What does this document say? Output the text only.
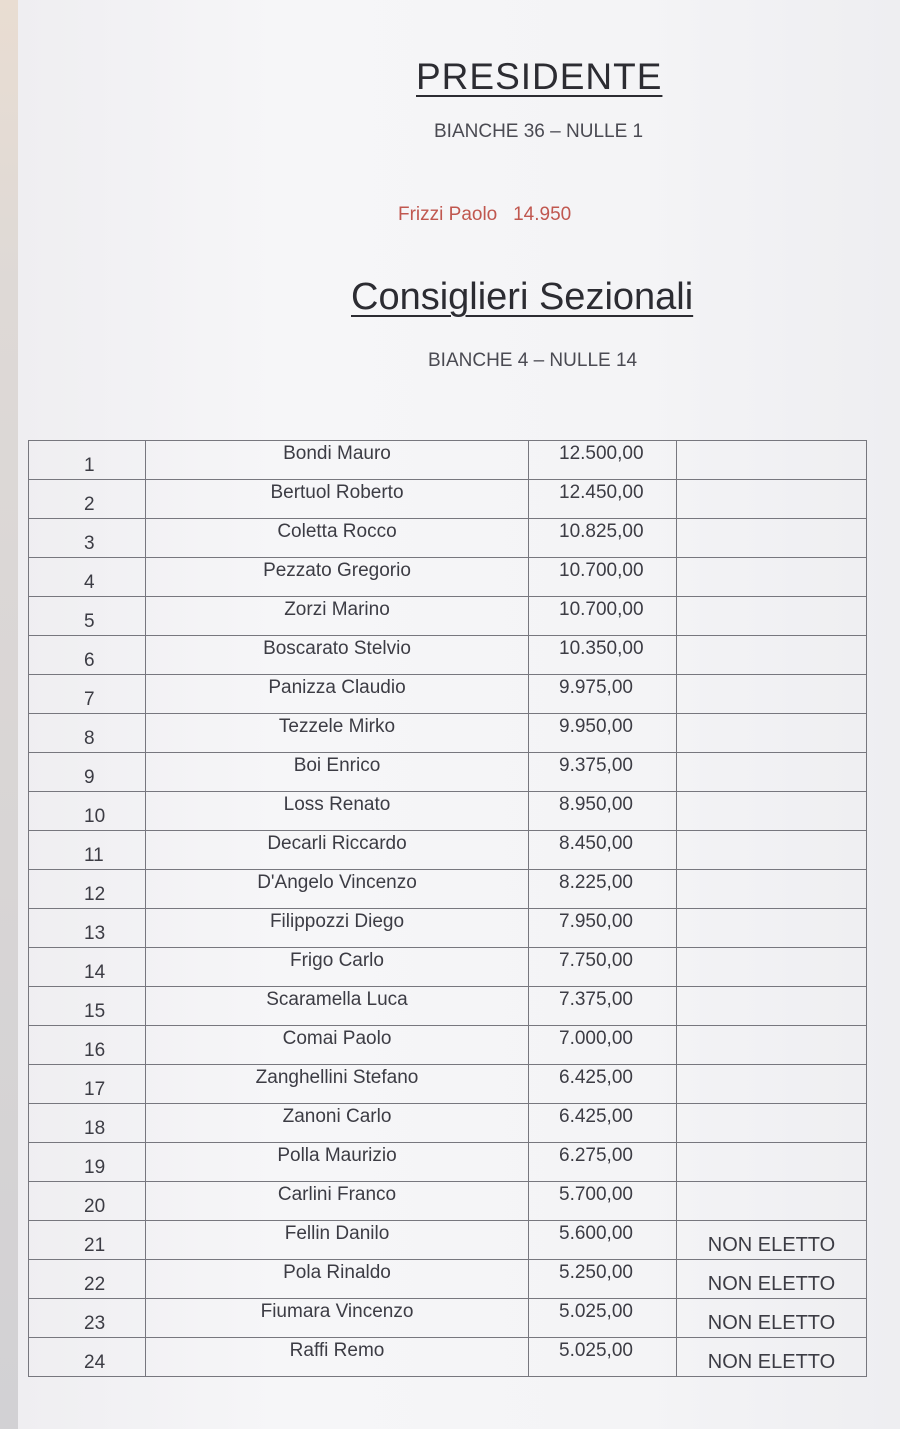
PRESIDENTE
BIANCHE 36 – NULLE 1
Frizzi Paolo 14.950
Consiglieri Sezionali
BIANCHE 4 – NULLE 14
1	Bondi Mauro	12.500,00	

2	Bertuol Roberto	12.450,00	

3	Coletta Rocco	10.825,00	

4	Pezzato Gregorio	10.700,00	

5	Zorzi Marino	10.700,00	

6	Boscarato Stelvio	10.350,00	

7	Panizza Claudio	9.975,00	

8	Tezzele Mirko	9.950,00	

9	Boi Enrico	9.375,00	

10	Loss Renato	8.950,00	

11	Decarli Riccardo	8.450,00	

12	D'Angelo Vincenzo	8.225,00	

13	Filippozzi Diego	7.950,00	

14	Frigo Carlo	7.750,00	

15	Scaramella Luca	7.375,00	

16	Comai Paolo	7.000,00	

17	Zanghellini Stefano	6.425,00	

18	Zanoni Carlo	6.425,00	

19	Polla Maurizio	6.275,00	

20	Carlini Franco	5.700,00	

21	Fellin Danilo	5.600,00	NON ELETTO

22	Pola Rinaldo	5.250,00	NON ELETTO

23	Fiumara Vincenzo	5.025,00	NON ELETTO

24	Raffi Remo	5.025,00	NON ELETTO
